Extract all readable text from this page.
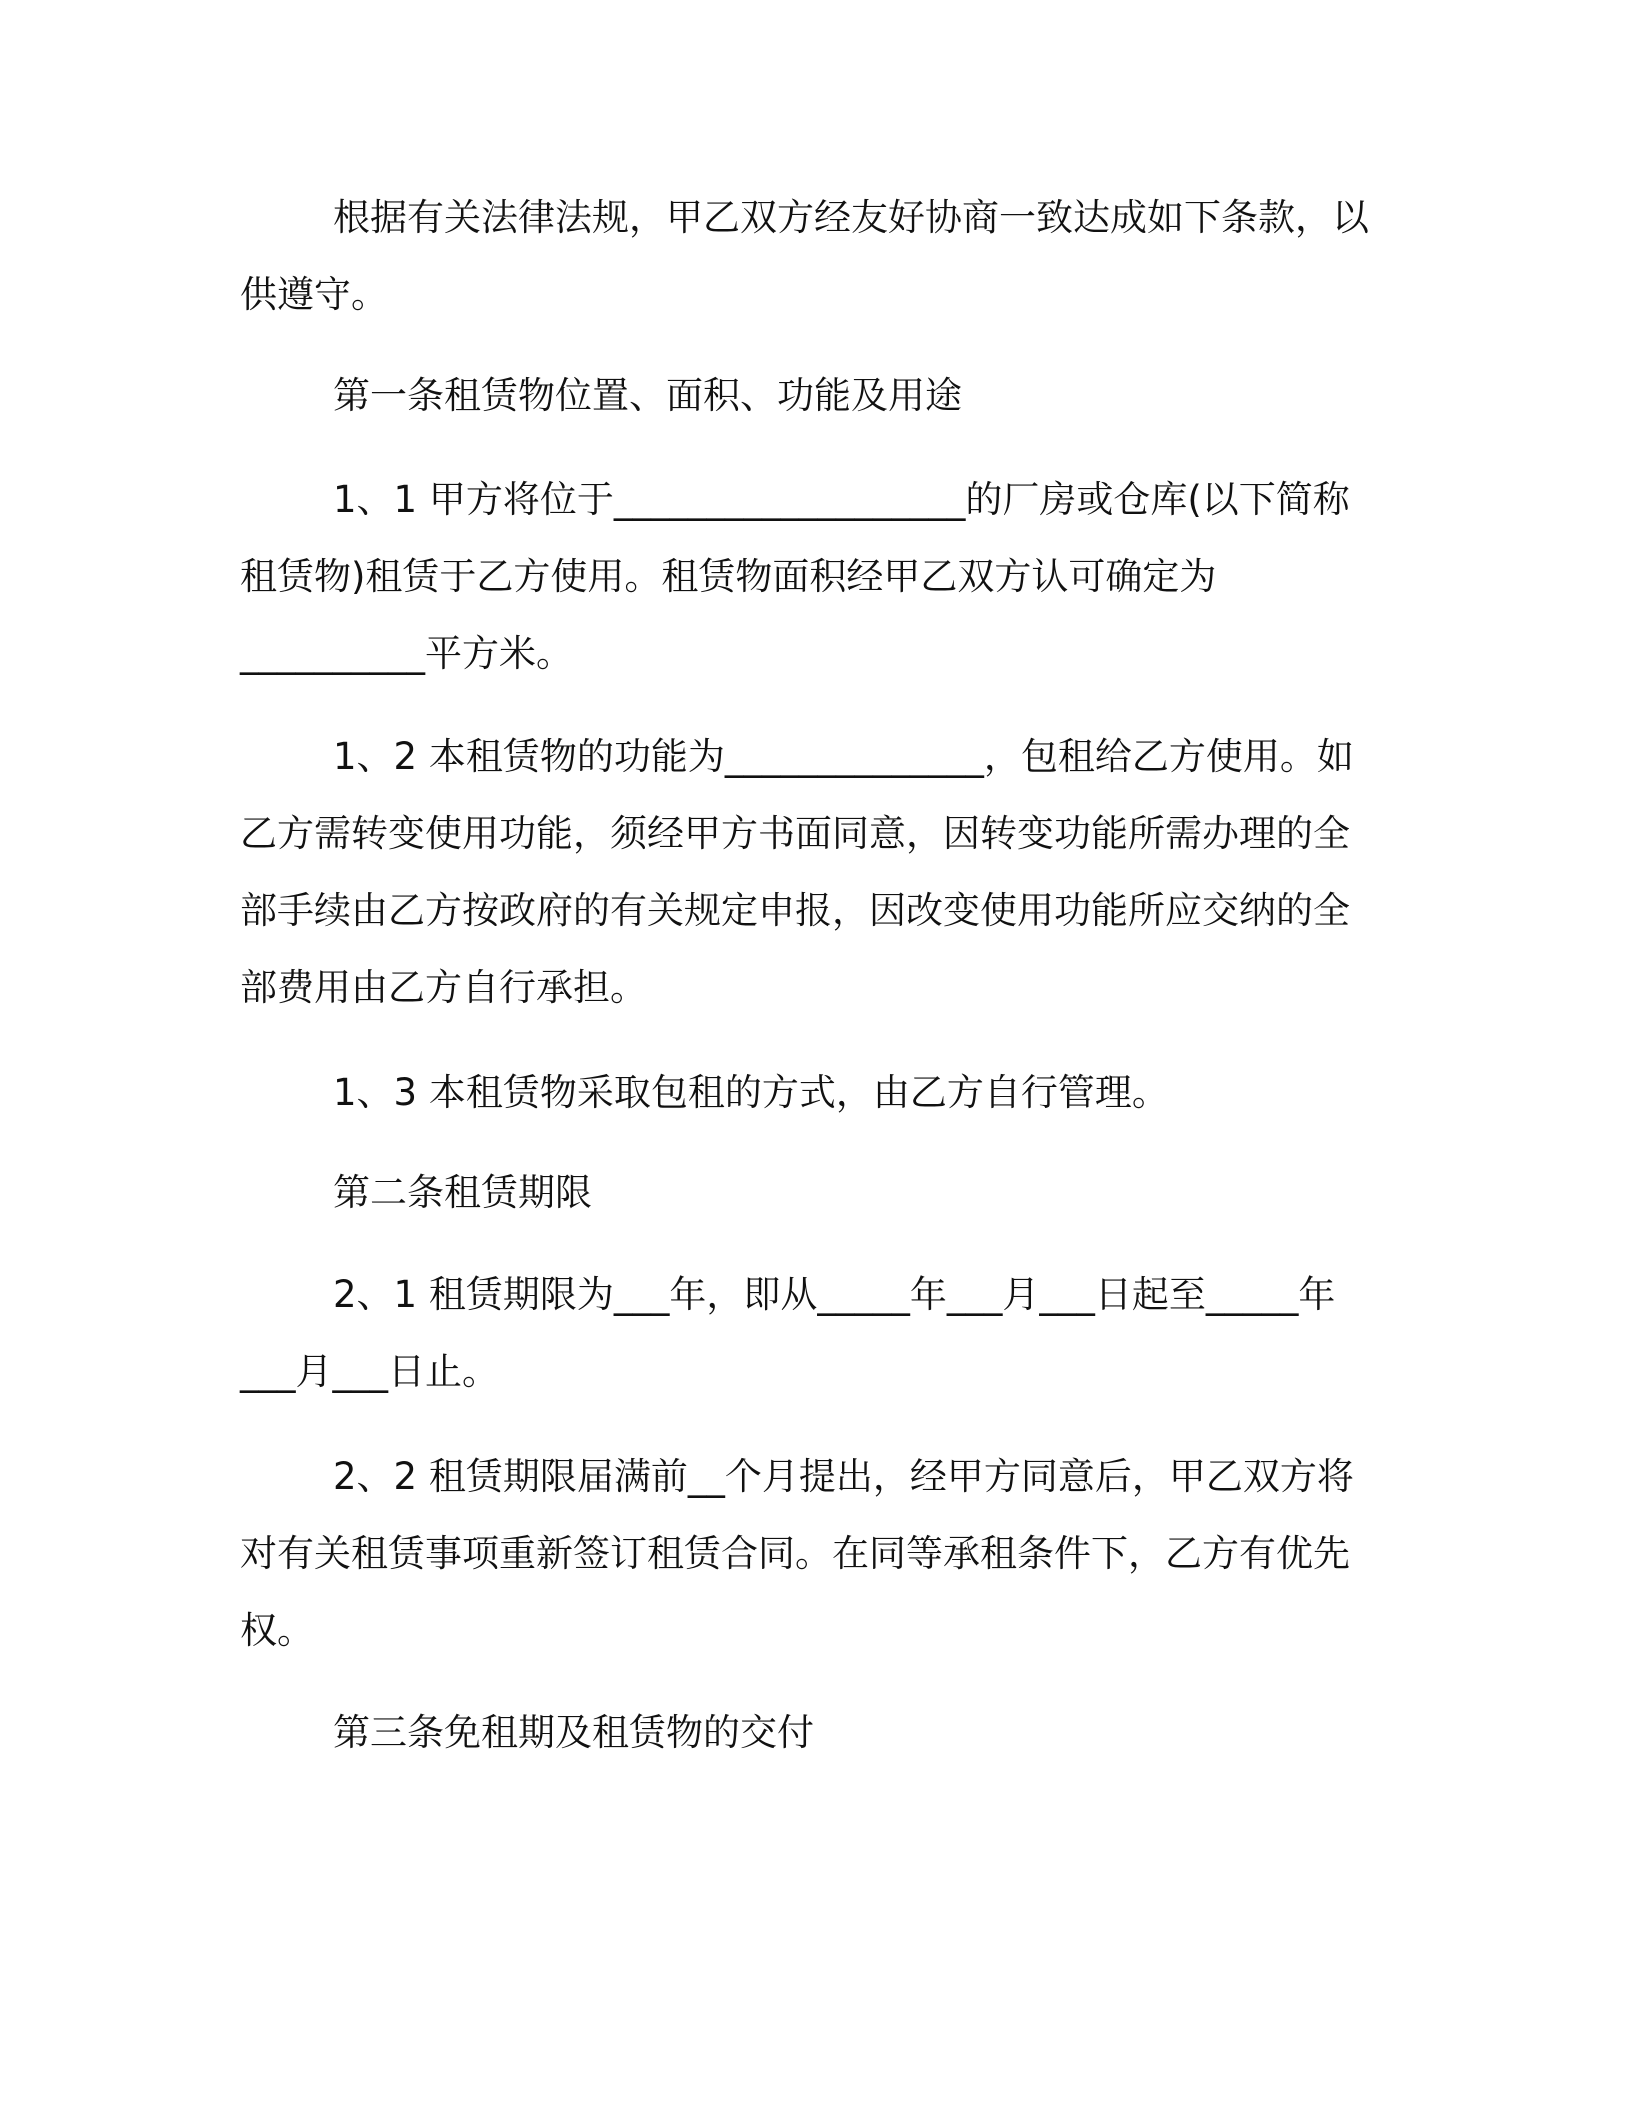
根据有关法律法规，甲乙双方经友好协商一致达成如下条款，以
供遵守。
第一条租赁物位置、面积、功能及用途
1、1 甲方将位于___________________的厂房或仓库(以下简称
租赁物)租赁于乙方使用。租赁物面积经甲乙双方认可确定为
__________平方米。
1、2 本租赁物的功能为______________，包租给乙方使用。如
乙方需转变使用功能，须经甲方书面同意，因转变功能所需办理的全
部手续由乙方按政府的有关规定申报，因改变使用功能所应交纳的全
部费用由乙方自行承担。
1、3 本租赁物采取包租的方式，由乙方自行管理。
第二条租赁期限
2、1 租赁期限为___年，即从_____年___月___日起至_____年
___月___日止。
2、2 租赁期限届满前__个月提出，经甲方同意后，甲乙双方将
对有关租赁事项重新签订租赁合同。在同等承租条件下，乙方有优先
权。
第三条免租期及租赁物的交付
